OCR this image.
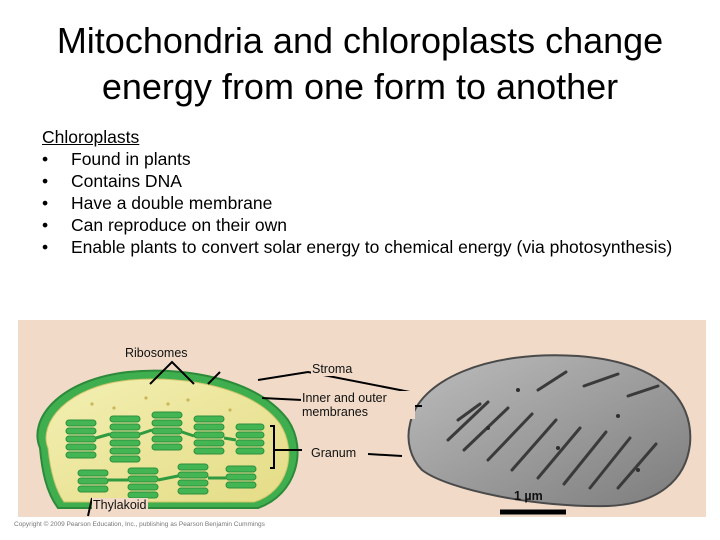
Mitochondria and chloroplasts change energy from one form to another
Chloroplasts
• Found in plants
• Contains DNA
• Have a double membrane
• Can reproduce on their own
• Enable plants to convert solar energy to chemical energy (via photosynthesis)
Ribosomes
Stroma
Inner and outer membranes
Granum
Thylakoid
1 µm
Copyright © 2009 Pearson Education, Inc., publishing as Pearson Benjamin Cummings
